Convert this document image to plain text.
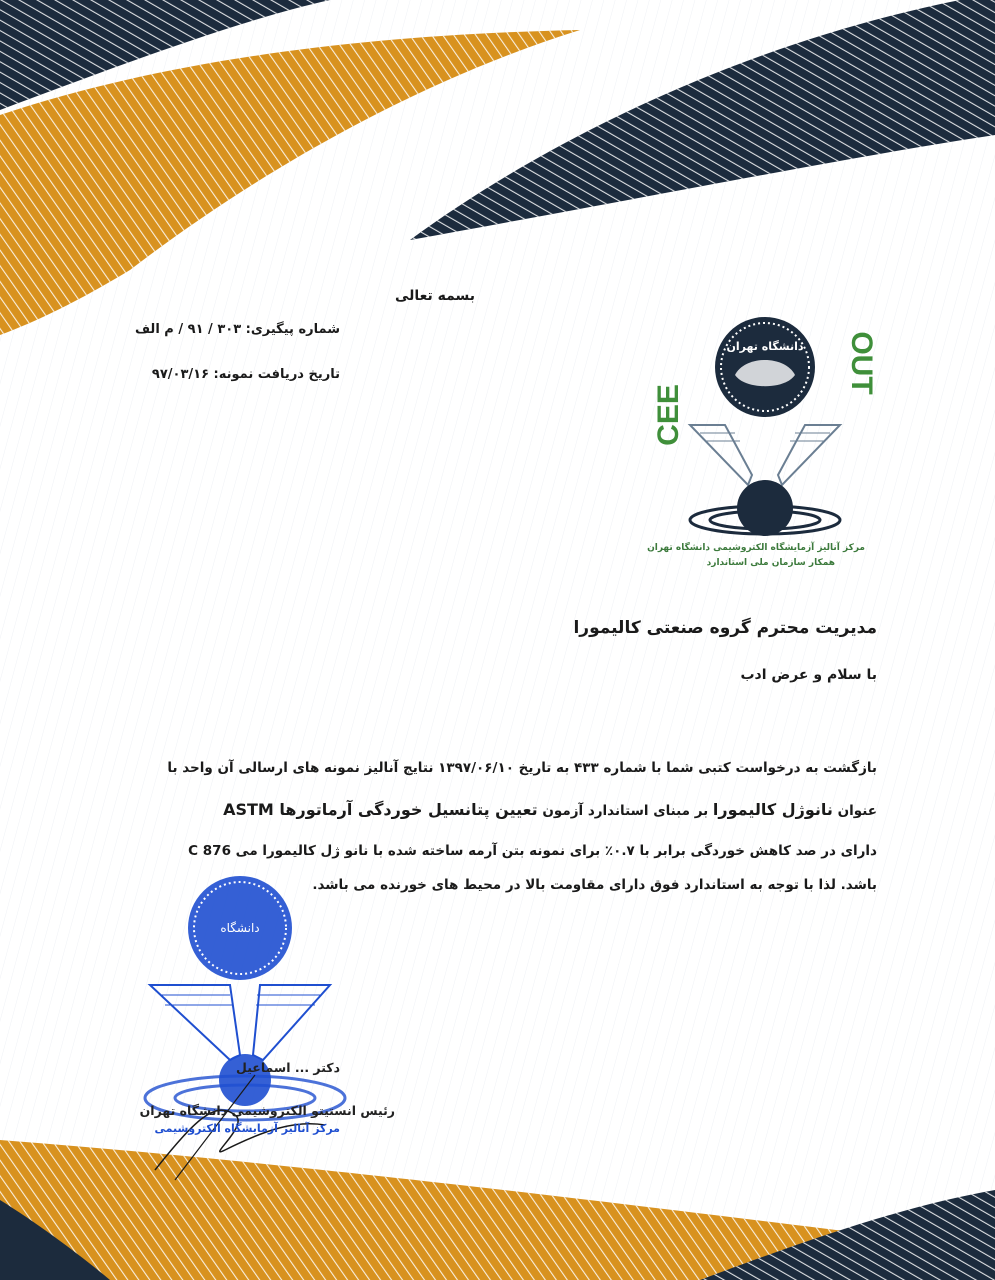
بسمه تعالی
شماره پیگیری: ۳۰۳ / ۹۱ / م الف
تاریخ دریافت نمونه: ۹۷/۰۳/۱۶
CEE
OUT
دانشگاه تهران
مرکز آنالیز آزمایشگاه الکتروشیمی دانشگاه تهران
همکار سازمان ملی استاندارد
مدیریت محترم گروه صنعتی کالیمورا
با سلام و عرض ادب
بازگشت به درخواست کتبی شما با شماره ۴۳۳ به تاریخ ۱۳۹۷/۰۶/۱۰ نتایج آنالیز نمونه های ارسالی آن واحد با
عنوان نانوژل کالیمورا بر مبنای استاندارد آزمون تعیین پتانسیل خوردگی آرماتورها ASTM
C 876 دارای در صد کاهش خوردگی برابر با ۰.۷٪ برای نمونه بتن آرمه ساخته شده با نانو ژل کالیمورا می
باشد. لذا با توجه به استاندارد فوق دارای مقاومت بالا در محیط های خورنده می باشد.
دانشگاه
دکتر ... اسماعیل
رئیس انستیتو الکتروشیمی دانشگاه تهران
مرکز آنالیز آزمایشگاه الکتروشیمی
